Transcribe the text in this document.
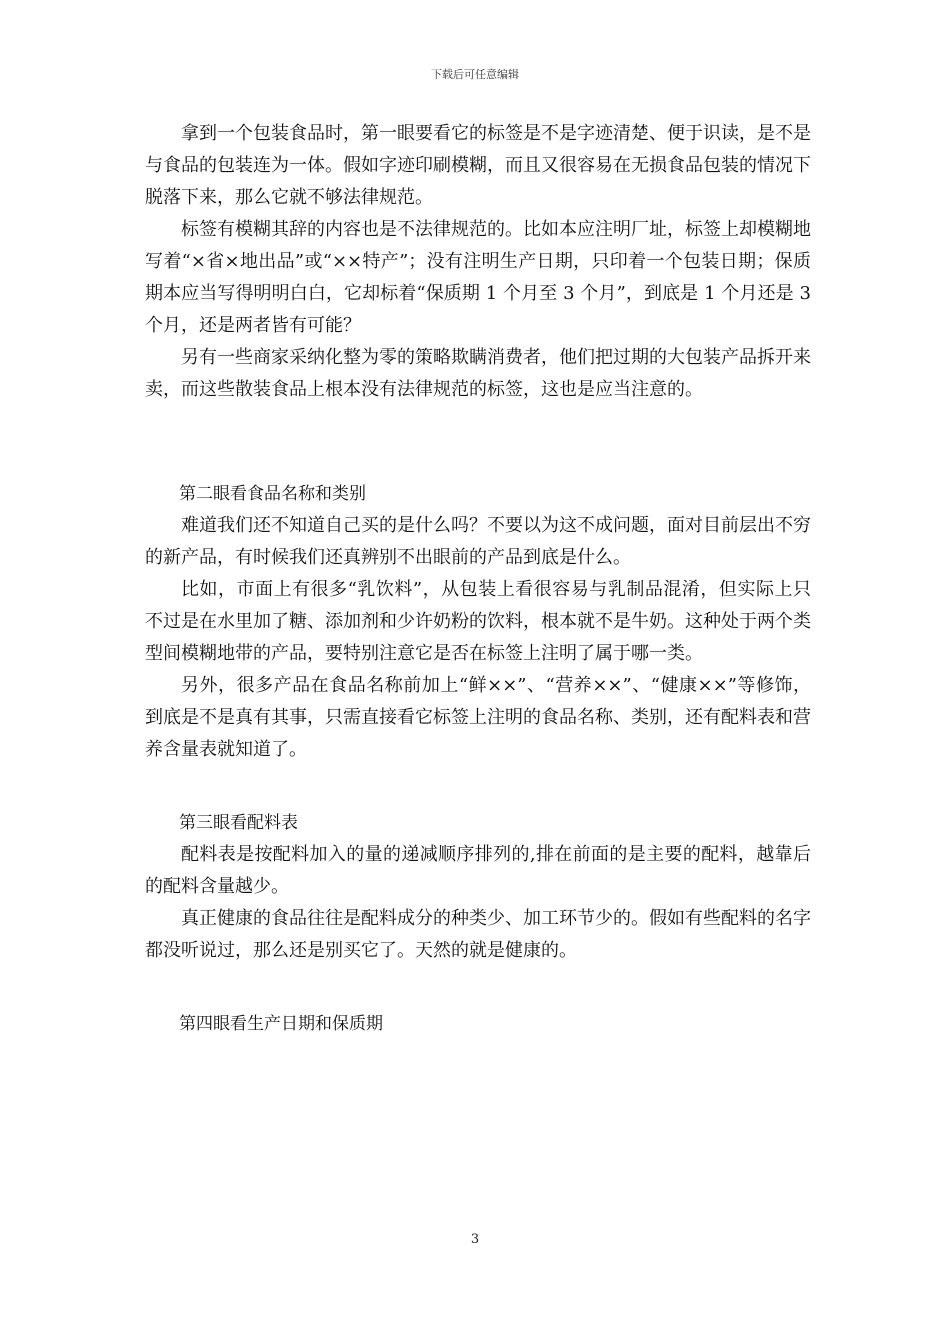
下载后可任意编辑

拿到一个包装食品时，第一眼要看它的标签是不是字迹清楚、便于识读，是不是与食品的包装连为一体。假如字迹印刷模糊，而且又很容易在无损食品包装的情况下脱落下来，那么它就不够法律规范。

标签有模糊其辞的内容也是不法律规范的。比如本应注明厂址，标签上却模糊地写着“×省×地出品”或“××特产”；没有注明生产日期，只印着一个包装日期；保质期本应当写得明明白白，它却标着“保质期 1 个月至 3 个月”，到底是 1 个月还是 3 个月，还是两者皆有可能？

另有一些商家采纳化整为零的策略欺瞒消费者，他们把过期的大包装产品拆开来卖，而这些散装食品上根本没有法律规范的标签，这也是应当注意的。

第二眼看食品名称和类别

难道我们还不知道自己买的是什么吗？不要以为这不成问题，面对目前层出不穷的新产品，有时候我们还真辨别不出眼前的产品到底是什么。

比如，市面上有很多“乳饮料”，从包装上看很容易与乳制品混淆，但实际上只不过是在水里加了糖、添加剂和少许奶粉的饮料，根本就不是牛奶。这种处于两个类型间模糊地带的产品，要特别注意它是否在标签上注明了属于哪一类。

另外，很多产品在食品名称前加上“鲜××”、“营养××”、“健康××”等修饰，到底是不是真有其事，只需直接看它标签上注明的食品名称、类别，还有配料表和营养含量表就知道了。

第三眼看配料表

配料表是按配料加入的量的递减顺序排列的,排在前面的是主要的配料，越靠后的配料含量越少。

真正健康的食品往往是配料成分的种类少、加工环节少的。假如有些配料的名字都没听说过，那么还是别买它了。天然的就是健康的。

第四眼看生产日期和保质期

3
